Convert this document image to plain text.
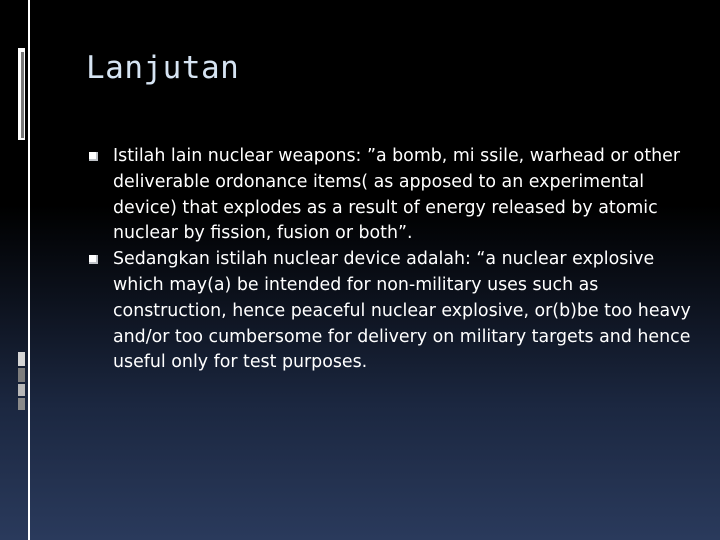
Lanjutan
Istilah lain nuclear weapons: ”a bomb, mi ssile, warhead or other deliverable ordonance items( as apposed to an experimental device) that explodes as a result of energy released by atomic nuclear by fission, fusion or both”.
Sedangkan istilah nuclear device adalah: “a nuclear explosive which may(a) be intended for non-military uses such as construction, hence peaceful nuclear explosive, or(b)be too heavy and/or too cumbersome for delivery on military targets and hence useful only for test purposes.
